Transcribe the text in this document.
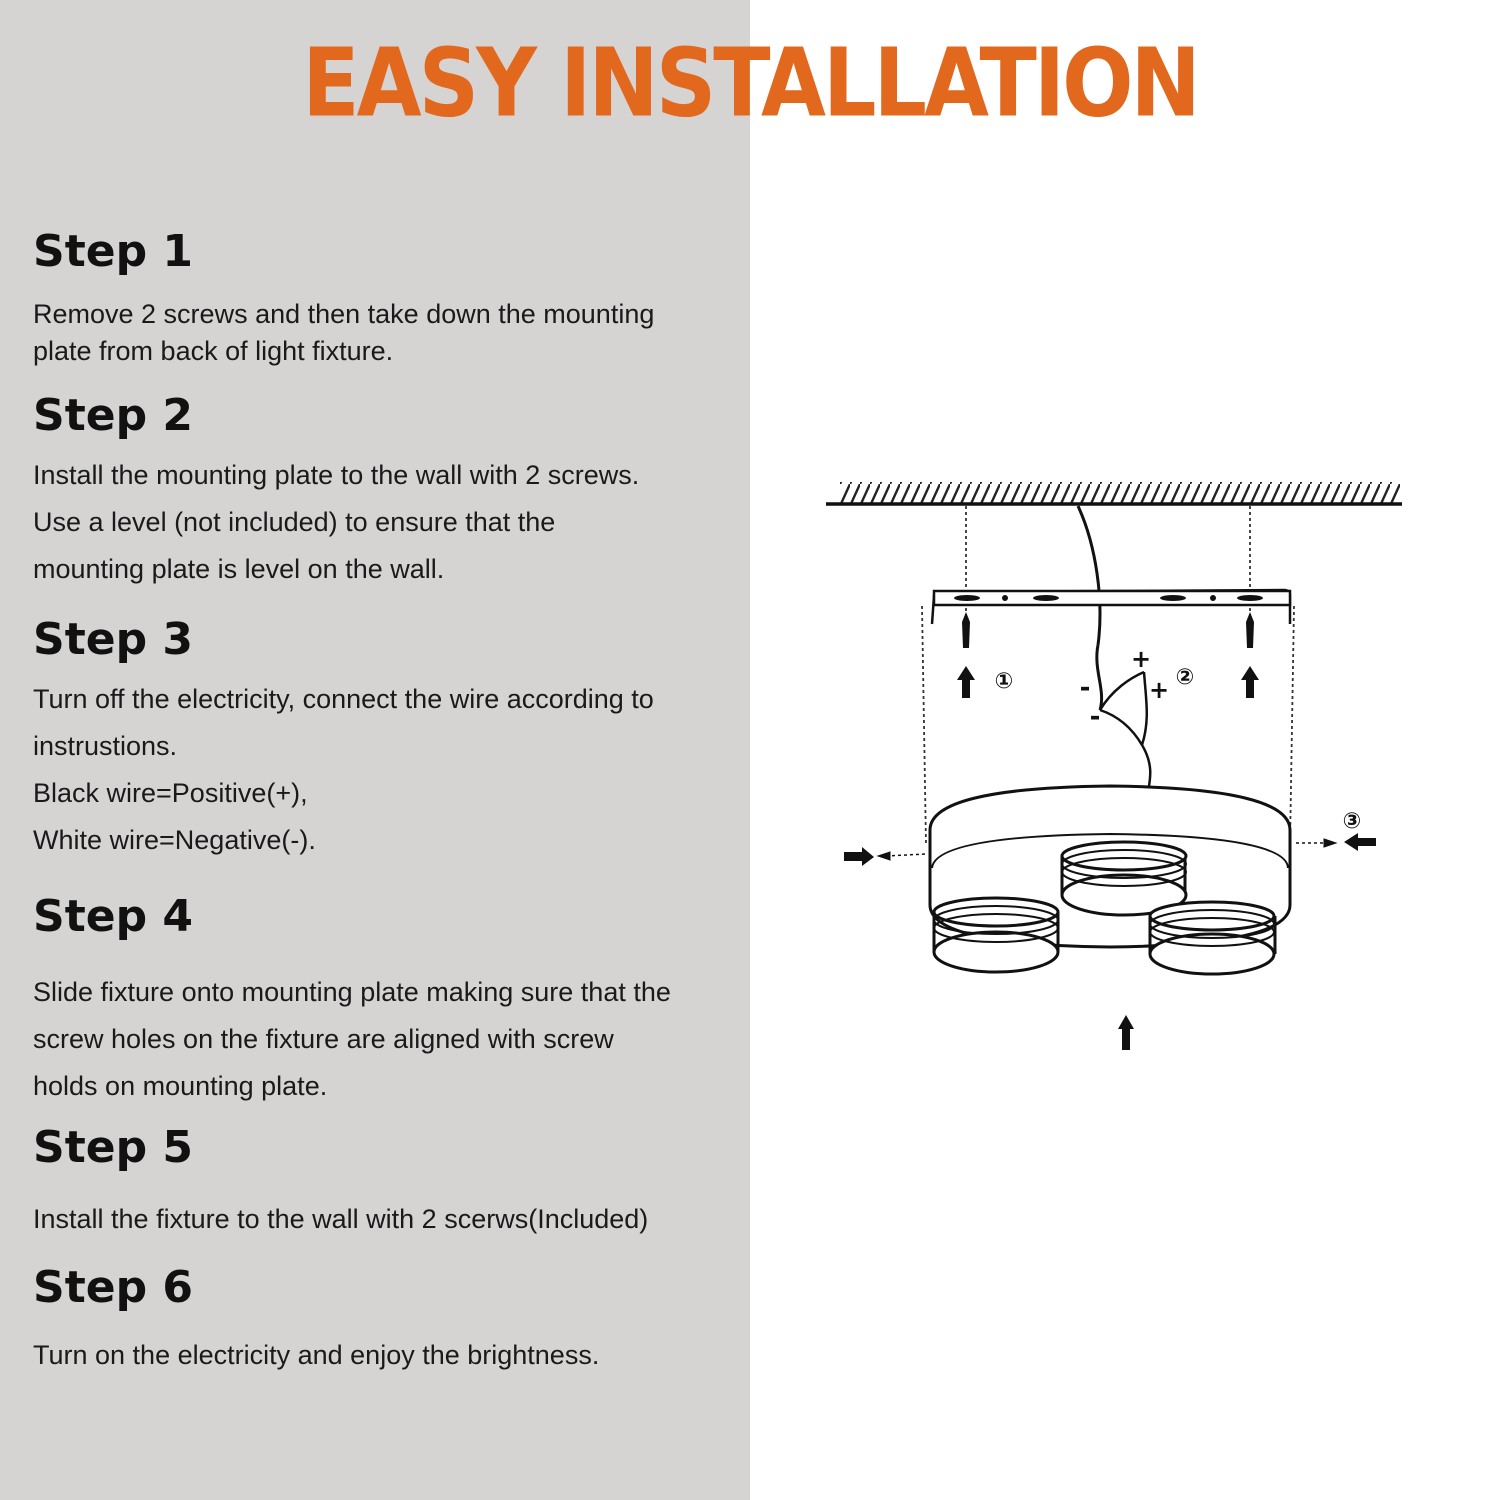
EASY INSTALLATION
Step 1

Remove 2 screws and then take down the mounting
plate from back of light fixture.

Step 2

Install the mounting plate to the wall with 2 screws.
Use a level (not included) to ensure that the
mounting plate is level on the wall.

Step 3

Turn off the electricity, connect the wire according to
instrustions.
Black wire=Positive(+),
White wire=Negative(-).

Step 4

Slide fixture onto mounting plate making sure that the
screw holes on the fixture are aligned with screw
holds on mounting plate.

Step 5

Install the fixture to the wall with 2 scerws(Included)

Step 6

Turn on the electricity and enjoy the brightness.

①	②
③
+
+
-
-
